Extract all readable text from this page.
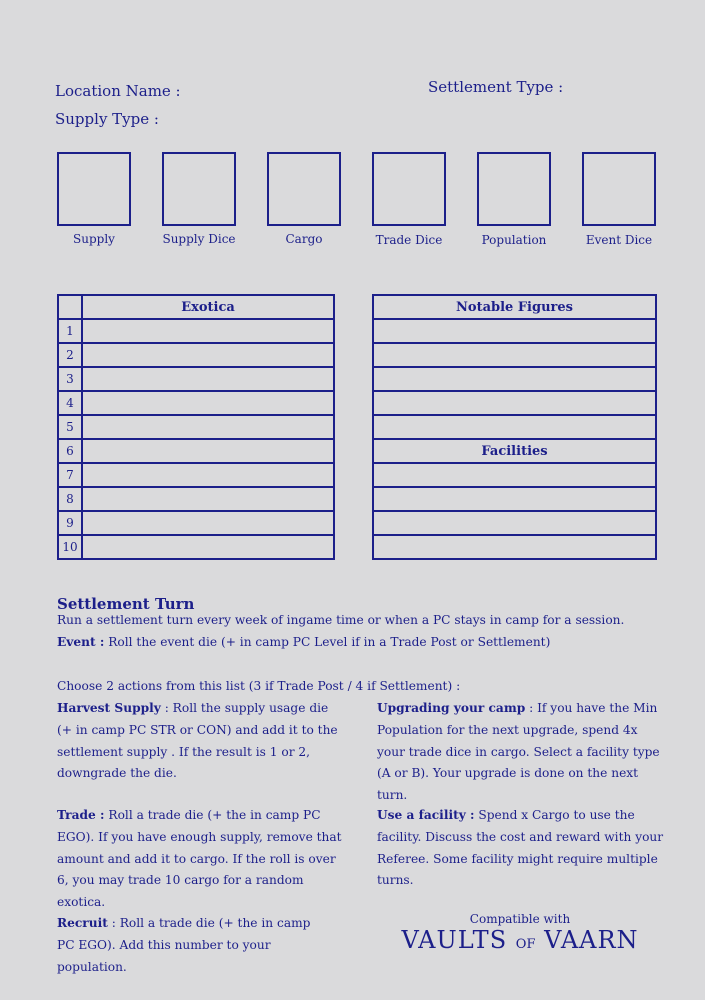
Location Name :	Settlement Type :
Supply Type :
Supply	Supply Dice	Cargo	Trade Dice	Population	Event Dice
	Exotica
1	
2	
3	
4	
5	
6	
7	
8	
9	
10	
Notable Figures

Facilities

Settlement Turn
Run a settlement turn every week of ingame time or when a PC stays in camp for a session.
Event : Roll the event die (+ in camp PC Level if in a Trade Post or Settlement)
Choose 2 actions from this list (3 if Trade Post / 4 if Settlement) :
Harvest Supply : Roll the supply usage die (+ in camp PC STR or CON) and add it to the settlement supply . If the result is 1 or 2, downgrade the die.
Trade : Roll a trade die (+ the in camp PC EGO). If you have enough supply, remove that amount and add it to cargo. If the roll is over 6, you may trade 10 cargo for a random exotica.
Recruit : Roll a trade die (+ the in camp PC EGO). Add this number to your population.
Upgrading your camp : If you have the Min Population for the next upgrade, spend 4x your trade dice in cargo. Select a facility type (A or B). Your upgrade is done on the next turn.
Use a facility : Spend x Cargo to use the facility. Discuss the cost and reward with your Referee. Some facility might require multiple turns.
Compatible with
VAULTS OF VAARN
